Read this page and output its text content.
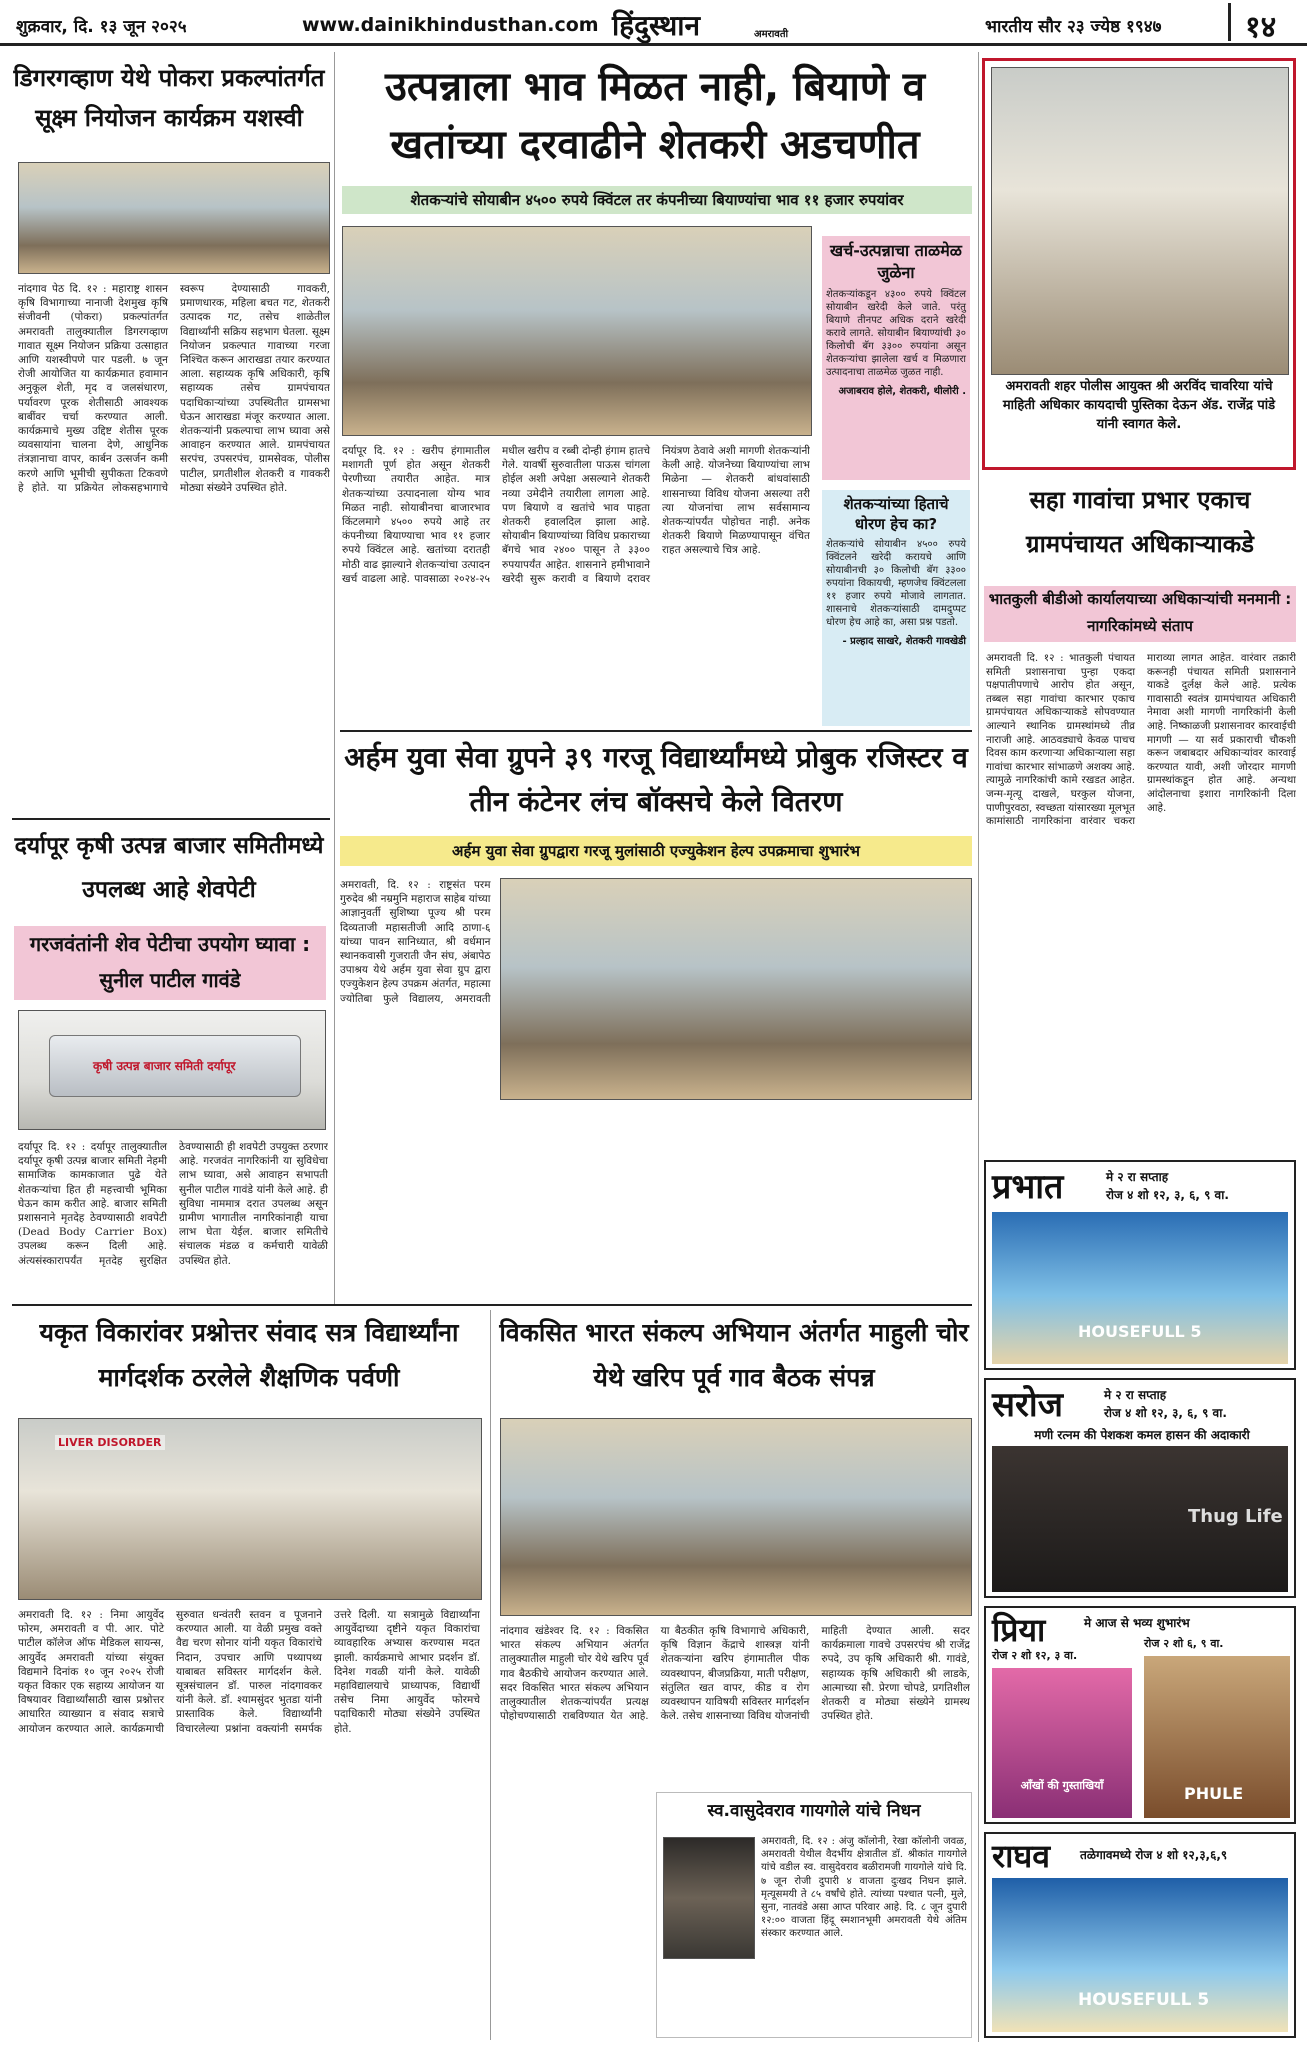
शुक्रवार, दि. १३ जून २०२५	www.dainikhindusthan.com हिंदुस्थान	अमरावती	भारतीय सौर २३ ज्येष्ठ १९४७	१४
डिगरगव्हाण येथे पोकरा प्रकल्पांतर्गत सूक्ष्म नियोजन कार्यक्रम यशस्वी
नांदगाव पेठ दि. १२ : महाराष्ट्र शासन कृषि विभागाच्या नानाजी देशमुख कृषि संजीवनी (पोकरा) प्रकल्पांतर्गत अमरावती तालुक्यातील डिगरगव्हाण गावात सूक्ष्म नियोजन प्रक्रिया उत्साहात आणि यशस्वीपणे पार पडली. ७ जून रोजी आयोजित या कार्यक्रमात हवामान अनुकूल शेती, मृद व जलसंधारण, पर्यावरण पूरक शेतीसाठी आवश्यक बाबींवर चर्चा करण्यात आली. कार्यक्रमाचे मुख्य उद्दिष्ट शेतीस पूरक व्यवसायांना चालना देणे, आधुनिक तंत्रज्ञानाचा वापर, कार्बन उत्सर्जन कमी करणे आणि भूमीची सुपीकता टिकवणे हे होते. या प्रक्रियेत लोकसहभागाचे स्वरूप देण्यासाठी गावकरी, प्रमाणधारक, महिला बचत गट, शेतकरी उत्पादक गट, तसेच शाळेतील विद्यार्थ्यांनी सक्रिय सहभाग घेतला. सूक्ष्म नियोजन प्रकल्पात गावाच्या गरजा निश्चित करून आराखडा तयार करण्यात आला. सहाय्यक कृषि अधिकारी, कृषि सहाय्यक तसेच ग्रामपंचायत पदाधिकाऱ्यांच्या उपस्थितीत ग्रामसभा घेऊन आराखडा मंजूर करण्यात आला. शेतकऱ्यांनी प्रकल्पाचा लाभ घ्यावा असे आवाहन करण्यात आले. ग्रामपंचायत सरपंच, उपसरपंच, ग्रामसेवक, पोलीस पाटील, प्रगतीशील शेतकरी व गावकरी मोठ्या संख्येने उपस्थित होते.
उत्पन्नाला भाव मिळत नाही, बियाणे व खतांच्या दरवाढीने शेतकरी अडचणीत
शेतकऱ्यांचे सोयाबीन ४५०० रुपये क्विंटल तर कंपनीच्या बियाण्यांचा भाव ११ हजार रुपयांवर
दर्यापूर दि. १२ : खरीप हंगामातील मशागती पूर्ण होत असून शेतकरी पेरणीच्या तयारीत आहेत. मात्र शेतकऱ्यांच्या उत्पादनाला योग्य भाव मिळत नाही. सोयाबीनचा बाजारभाव किंटलमागे ४५०० रुपये आहे तर कंपनीच्या बियाण्याचा भाव ११ हजार रुपये क्विंटल आहे. खतांच्या दरातही मोठी वाढ झाल्याने शेतकऱ्यांचा उत्पादन खर्च वाढला आहे. पावसाळा २०२४-२५ मधील खरीप व रब्बी दोन्ही हंगाम हातचे गेले. यावर्षी सुरुवातीला पाऊस चांगला होईल अशी अपेक्षा असल्याने शेतकरी नव्या उमेदीने तयारीला लागला आहे. पण बियाणे व खतांचे भाव पाहता शेतकरी हवालदिल झाला आहे. सोयाबीन बियाण्यांच्या विविध प्रकाराच्या बॅगचे भाव २४०० पासून ते ३३०० रुपयापर्यंत आहेत. शासनाने हमीभावाने खरेदी सुरू करावी व बियाणे दरावर नियंत्रण ठेवावे अशी मागणी शेतकऱ्यांनी केली आहे. योजनेच्या बियाण्यांचा लाभ मिळेना — शेतकरी बांधवांसाठी शासनाच्या विविध योजना असल्या तरी त्या योजनांचा लाभ सर्वसामान्य शेतकऱ्यांपर्यंत पोहोचत नाही. अनेक शेतकरी बियाणे मिळण्यापासून वंचित राहत असल्याचे चित्र आहे.
खर्च-उत्पन्नाचा ताळमेळ जुळेना
शेतकऱ्यांकडून ४३०० रुपये क्विंटल सोयाबीन खरेदी केले जाते. परंतु बियाणे तीनपट अधिक दराने खरेदी करावे लागते. सोयाबीन बियाण्यांची ३० किलोची बॅग ३३०० रुपयांना असून शेतकऱ्यांचा झालेला खर्च व मिळणारा उत्पादनाचा ताळमेळ जुळत नाही.
अजाबराव होले, शेतकरी, थीलोरी .
शेतकऱ्यांच्या हिताचे धोरण हेच का?
शेतकऱ्यांचे सोयाबीन ४५०० रुपये क्विंटलने खरेदी करायचे आणि सोयाबीनची ३० किलोची बॅग ३३०० रुपयांना विकायची, म्हणजेच क्विंटलला ११ हजार रुपये मोजावे लागतात. शासनाचे शेतकऱ्यांसाठी दामदुप्पट धोरण हेच आहे का, असा प्रश्न पडतो.
- प्रल्हाद साखरे, शेतकरी गावखेडी
अमरावती शहर पोलीस आयुक्त श्री अरविंद चावरिया यांचे माहिती अधिकार कायदाची पुस्तिका देऊन ॲड. राजेंद्र पांडे यांनी स्वागत केले.
सहा गावांचा प्रभार एकाच ग्रामपंचायत अधिकाऱ्याकडे
भातकुली बीडीओ कार्यालयाच्या अधिकाऱ्यांची मनमानी : नागरिकांमध्ये संताप
अमरावती दि. १२ : भातकुली पंचायत समिती प्रशासनाचा पुन्हा एकदा पक्षपातीपणाचे आरोप होत असून, तब्बल सहा गावांचा कारभार एकाच ग्रामपंचायत अधिकाऱ्याकडे सोपवण्यात आल्याने स्थानिक ग्रामस्थांमध्ये तीव्र नाराजी आहे. आठवड्याचे केवळ पाचच दिवस काम करणाऱ्या अधिकाऱ्याला सहा गावांचा कारभार सांभाळणे अशक्य आहे. त्यामुळे नागरिकांची कामे रखडत आहेत. जन्म-मृत्यू दाखले, घरकुल योजना, पाणीपुरवठा, स्वच्छता यांसारख्या मूलभूत कामांसाठी नागरिकांना वारंवार चकरा माराव्या लागत आहेत. वारंवार तक्रारी करूनही पंचायत समिती प्रशासनाने याकडे दुर्लक्ष केले आहे. प्रत्येक गावासाठी स्वतंत्र ग्रामपंचायत अधिकारी नेमावा अशी मागणी नागरिकांनी केली आहे. निष्काळजी प्रशासनावर कारवाईची मागणी — या सर्व प्रकाराची चौकशी करून जबाबदार अधिकाऱ्यांवर कारवाई करण्यात यावी, अशी जोरदार मागणी ग्रामस्थांकडून होत आहे. अन्यथा आंदोलनाचा इशारा नागरिकांनी दिला आहे.
अर्हम युवा सेवा ग्रुपने ३९ गरजू विद्यार्थ्यांमध्ये प्रोबुक रजिस्टर व तीन कंटेनर लंच बॉक्सचे केले वितरण
अर्हम युवा सेवा ग्रुपद्वारा गरजू मुलांसाठी एज्युकेशन हेल्प उपक्रमाचा शुभारंभ
अमरावती, दि. १२ : राष्ट्रसंत परम गुरुदेव श्री नम्रमुनि महाराज साहेब यांच्या आज्ञानुवर्ती सुशिष्या पूज्य श्री परम दिव्यताजी महासतीजी आदि ठाणा-६ यांच्या पावन सानिध्यात, श्री वर्धमान स्थानकवासी गुजराती जैन संघ, अंबापेठ उपाश्रय येथे अर्हम युवा सेवा ग्रुप द्वारा एज्युकेशन हेल्प उपक्रम अंतर्गत, महात्मा ज्योतिबा फुले विद्यालय, अमरावती
दर्यापूर कृषी उत्पन्न बाजार समितीमध्ये उपलब्ध आहे शेवपेटी
गरजवंतांनी शेव पेटीचा उपयोग घ्यावा : सुनील पाटील गावंडे
कृषी उत्पन्न बाजार समिती दर्यापूर
दर्यापूर दि. १२ : दर्यापूर तालुक्यातील दर्यापूर कृषी उत्पन्न बाजार समिती नेहमी सामाजिक कामकाजात पुढे येते शेतकऱ्यांचा हित ही महत्त्वाची भूमिका घेऊन काम करीत आहे. बाजार समिती प्रशासनाने मृतदेह ठेवण्यासाठी शवपेटी (Dead Body Carrier Box) उपलब्ध करून दिली आहे. अंत्यसंस्कारापर्यंत मृतदेह सुरक्षित ठेवण्यासाठी ही शवपेटी उपयुक्त ठरणार आहे. गरजवंत नागरिकांनी या सुविधेचा लाभ घ्यावा, असे आवाहन सभापती सुनील पाटील गावंडे यांनी केले आहे. ही सुविधा नाममात्र दरात उपलब्ध असून ग्रामीण भागातील नागरिकांनाही याचा लाभ घेता येईल. बाजार समितीचे संचालक मंडळ व कर्मचारी यावेळी उपस्थित होते.
प्रभात	मे २ रा सप्ताह
रोज ४ शो १२, ३, ६, ९ वा.
HOUSEFULL 5
सरोज	मे २ रा सप्ताह
रोज ४ शो १२, ३, ६, ९ वा.
मणी रत्नम की पेशकश कमल हासन की अदाकारी
Thug Life
प्रिया	मे आज से भव्य शुभारंभ
रोज २ शो १२, ३ वा.
रोज २ शो ६, ९ वा.
आँखों की गुस्ताखियाँ	PHULE
राघव तळेगावमध्ये रोज ४ शो १२,३,६,९
HOUSEFULL 5
यकृत विकारांवर प्रश्नोत्तर संवाद सत्र विद्यार्थ्यांना मार्गदर्शक ठरलेले शैक्षणिक पर्वणी
LIVER DISORDER
अमरावती दि. १२ : निमा आयुर्वेद फोरम, अमरावती व पी. आर. पोटे पाटील कॉलेज ऑफ मेडिकल सायन्स, आयुर्वेद अमरावती यांच्या संयुक्त विद्यमाने दिनांक १० जून २०२५ रोजी यकृत विकार एक सहाय्य आयोजन या विषयावर विद्यार्थ्यांसाठी खास प्रश्नोत्तर आधारित व्याख्यान व संवाद सत्राचे आयोजन करण्यात आले. कार्यक्रमाची सुरुवात धन्वंतरी स्तवन व पूजनाने करण्यात आली. या वेळी प्रमुख वक्ते वैद्य चरण सोनार यांनी यकृत विकारांचे निदान, उपचार आणि पथ्यापथ्य याबाबत सविस्तर मार्गदर्शन केले. सूत्रसंचालन डॉ. पारुल नांदगावकर यांनी केले. डॉ. श्यामसुंदर भुतडा यांनी प्रास्ताविक केले. विद्यार्थ्यांनी विचारलेल्या प्रश्नांना वक्त्यांनी समर्पक उत्तरे दिली. या सत्रामुळे विद्यार्थ्यांना आयुर्वेदाच्या दृष्टीने यकृत विकारांचा व्यावहारिक अभ्यास करण्यास मदत झाली. कार्यक्रमाचे आभार प्रदर्शन डॉ. दिनेश गवळी यांनी केले. यावेळी महाविद्यालयाचे प्राध्यापक, विद्यार्थी तसेच निमा आयुर्वेद फोरमचे पदाधिकारी मोठ्या संख्येने उपस्थित होते.
विकसित भारत संकल्प अभियान अंतर्गत माहुली चोर येथे खरिप पूर्व गाव बैठक संपन्न
नांदगाव खंडेश्वर दि. १२ : विकसित भारत संकल्प अभियान अंतर्गत तालुक्यातील माहुली चोर येथे खरिप पूर्व गाव बैठकीचे आयोजन करण्यात आले. सदर विकसित भारत संकल्प अभियान तालुक्यातील शेतकऱ्यांपर्यंत प्रत्यक्ष पोहोचण्यासाठी राबविण्यात येत आहे. या बैठकीत कृषि विभागाचे अधिकारी, कृषि विज्ञान केंद्राचे शास्त्रज्ञ यांनी शेतकऱ्यांना खरिप हंगामातील पीक व्यवस्थापन, बीजप्रक्रिया, माती परीक्षण, संतुलित खत वापर, कीड व रोग व्यवस्थापन याविषयी सविस्तर मार्गदर्शन केले. तसेच शासनाच्या विविध योजनांची माहिती देण्यात आली. सदर कार्यक्रमाला गावचे उपसरपंच श्री राजेंद्र रुपदे, उप कृषि अधिकारी श्री. गावंडे, सहाय्यक कृषि अधिकारी श्री लाडके, आत्माच्या सौ. प्रेरणा चोपडे, प्रगतिशील शेतकरी व मोठ्या संख्येने ग्रामस्थ उपस्थित होते.
स्व.वासुदेवराव गायगोले यांचे निधन
अमरावती, दि. १२ : अंजु कॉलोनी, रेखा कॉलोनी जवळ, अमरावती येथील वैदर्भीय क्षेत्रातील डॉ. श्रीकांत गायगोले यांचे वडील स्व. वासुदेवराव बळीरामजी गायगोले यांचे दि. ७ जून रोजी दुपारी ४ वाजता दुःखद निधन झाले. मृत्यूसमयी ते ८५ वर्षांचे होते. त्यांच्या पश्चात पत्नी, मुले, सुना, नातवंडे असा आप्त परिवार आहे. दि. ८ जून दुपारी १२:०० वाजता हिंदू स्मशानभूमी अमरावती येथे अंतिम संस्कार करण्यात आले.
